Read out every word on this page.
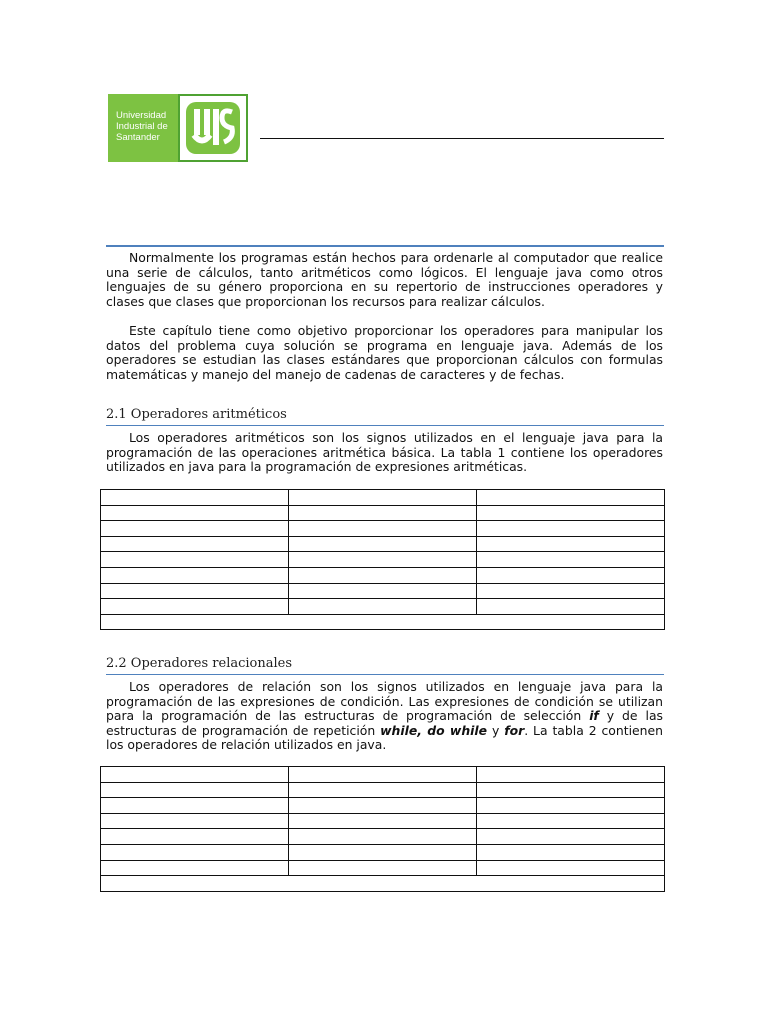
Universidad
Industrial de
Santander

Normalmente los programas están hechos para ordenarle al computador que realice una serie de cálculos, tanto aritméticos como lógicos. El lenguaje java como otros lenguajes de su género proporciona en su repertorio de instrucciones operadores y clases que clases que proporcionan los recursos para realizar cálculos.

Este capítulo tiene como objetivo proporcionar los operadores para manipular los datos del problema cuya solución se programa en lenguaje java. Además de los operadores se estudian las clases estándares que proporcionan cálculos con formulas matemáticas y manejo del manejo de cadenas de caracteres y de fechas.

2.1 Operadores aritméticos

Los operadores aritméticos son los signos utilizados en el lenguaje java para la programación de las operaciones aritmética básica. La tabla 1 contiene los operadores utilizados en java para la programación de expresiones aritméticas.

2.2 Operadores relacionales

Los operadores de relación son los signos utilizados en lenguaje java para la programación de las expresiones de condición. Las expresiones de condición se utilizan para la programación de las estructuras de programación de selección if y de las estructuras de programación de repetición while, do while y for. La tabla 2 contienen los operadores de relación utilizados en java.
